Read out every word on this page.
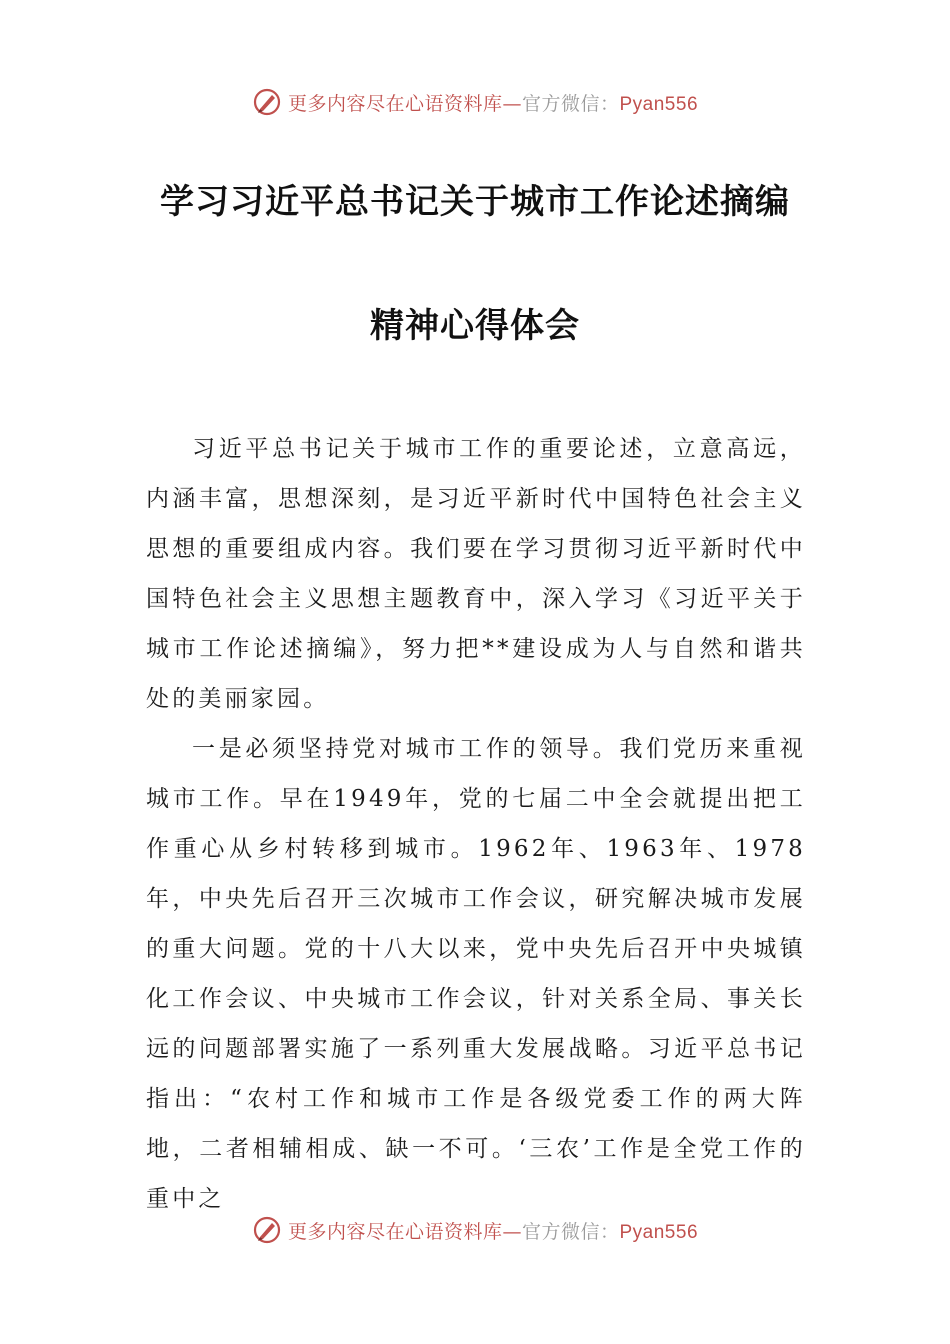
更多内容尽在心语资料库—官方微信：Pyan556
学习习近平总书记关于城市工作论述摘编
精神心得体会

习近平总书记关于城市工作的重要论述，立意高远，内涵丰富，思想深刻，是习近平新时代中国特色社会主义思想的重要组成内容。我们要在学习贯彻习近平新时代中国特色社会主义思想主题教育中，深入学习《习近平关于城市工作论述摘编》，努力把**建设成为人与自然和谐共处的美丽家园。

一是必须坚持党对城市工作的领导。我们党历来重视城市工作。早在1949年，党的七届二中全会就提出把工作重心从乡村转移到城市。1962年、1963年、1978年，中央先后召开三次城市工作会议，研究解决城市发展的重大问题。党的十八大以来，党中央先后召开中央城镇化工作会议、中央城市工作会议，针对关系全局、事关长远的问题部署实施了一系列重大发展战略。习近平总书记指出：“农村工作和城市工作是各级党委工作的两大阵地，二者相辅相成、缺一不可。‘三农’工作是全党工作的重中之

更多内容尽在心语资料库—官方微信：Pyan556
